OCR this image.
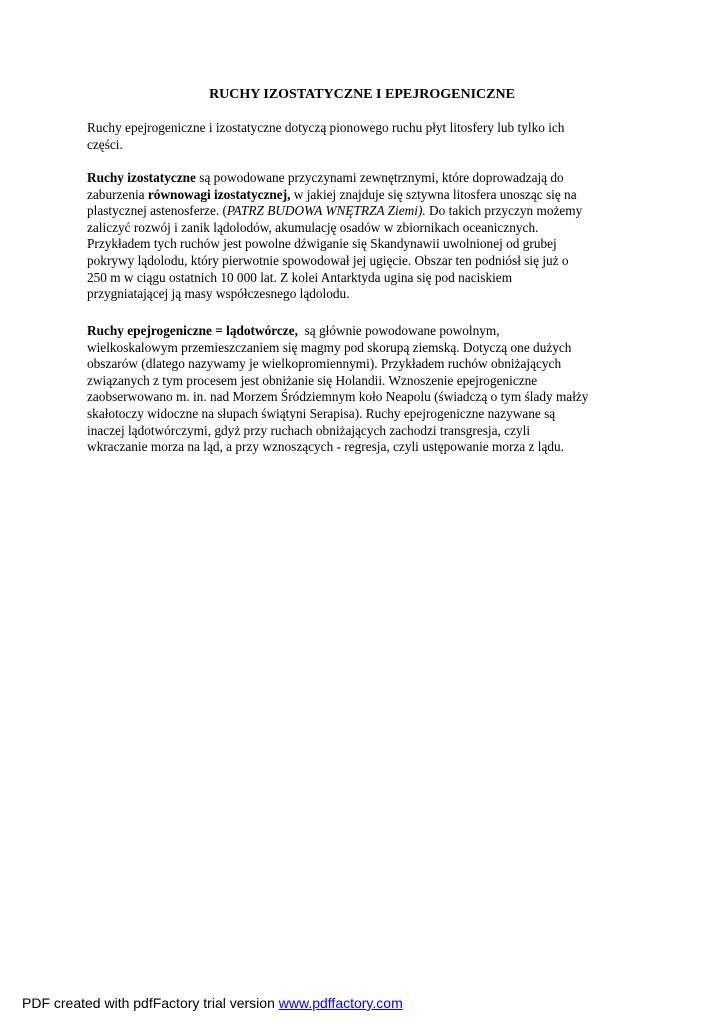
RUCHY IZOSTATYCZNE I EPEJROGENICZNE

Ruchy epejrogeniczne i izostatyczne dotyczą pionowego ruchu płyt litosfery lub tylko ich
części.

Ruchy izostatyczne są powodowane przyczynami zewnętrznymi, które doprowadzają do
zaburzenia równowagi izostatycznej, w jakiej znajduje się sztywna litosfera unosząc się na
plastycznej astenosferze. (PATRZ BUDOWA WNĘTRZA Ziemi). Do takich przyczyn możemy
zaliczyć rozwój i zanik lądolodów, akumulację osadów w zbiornikach oceanicznych.
Przykładem tych ruchów jest powolne dźwiganie się Skandynawii uwolnionej od grubej
pokrywy lądolodu, który pierwotnie spowodował jej ugięcie. Obszar ten podniósł się już o
250 m w ciągu ostatnich 10 000 lat. Z kolei Antarktyda ugina się pod naciskiem
przygniatającej ją masy współczesnego lądolodu.

Ruchy epejrogeniczne = lądotwórcze,  są głównie powodowane powolnym,
wielkoskalowym przemieszczaniem się magmy pod skorupą ziemską. Dotyczą one dużych
obszarów (dlatego nazywamy je wielkopromiennymi). Przykładem ruchów obniżających
związanych z tym procesem jest obniżanie się Holandii. Wznoszenie epejrogeniczne
zaobserwowano m. in. nad Morzem Śródziemnym koło Neapolu (świadczą o tym ślady małży
skałotoczy widoczne na słupach świątyni Serapisa). Ruchy epejrogeniczne nazywane są
inaczej lądotwórczymi, gdyż przy ruchach obniżających zachodzi transgresja, czyli
wkraczanie morza na ląd, a przy wznoszących - regresja, czyli ustępowanie morza z lądu.

PDF created with pdfFactory trial version www.pdffactory.com
